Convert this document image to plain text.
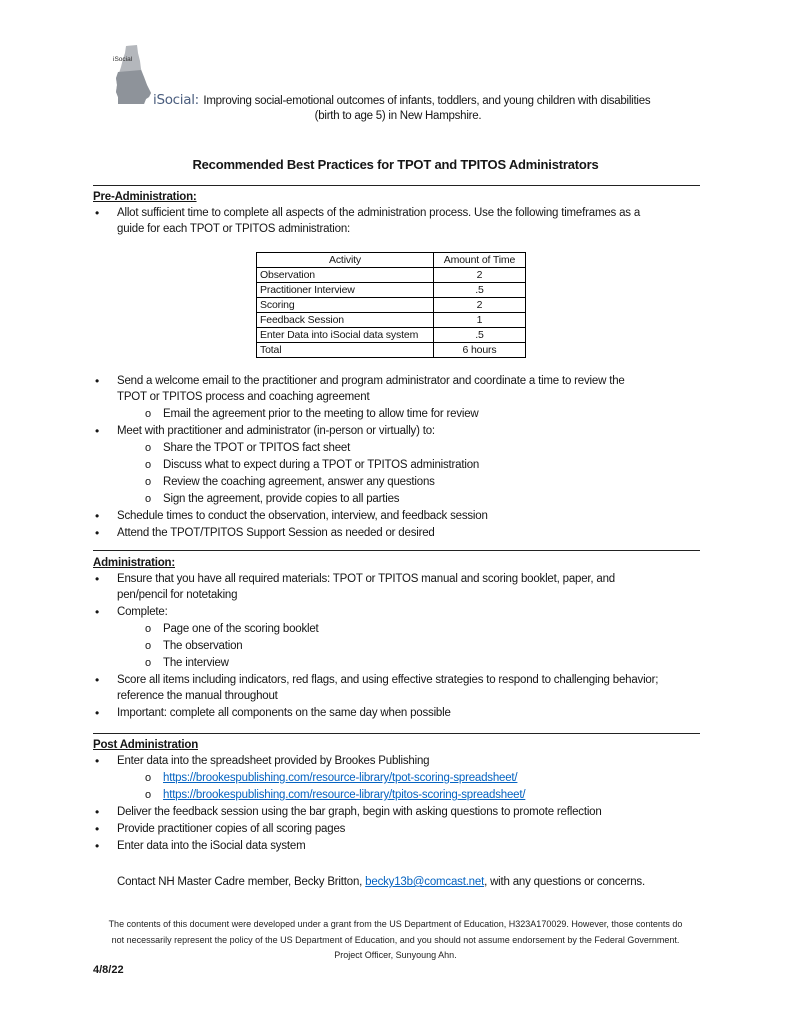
iSocial
iSocial: Improving social-emotional outcomes of infants, toddlers, and young children with disabilities
(birth to age 5) in New Hampshire.
Recommended Best Practices for TPOT and TPITOS Administrators
Pre-Administration:
• Allot sufficient time to complete all aspects of the administration process. Use the following timeframes as a
guide for each TPOT or TPITOS administration:
Activity	Amount of Time
Observation	2
Practitioner Interview	.5
Scoring	2
Feedback Session	1
Enter Data into iSocial data system	.5
Total	6 hours
• Send a welcome email to the practitioner and program administrator and coordinate a time to review the
TPOT or TPITOS process and coaching agreement
o Email the agreement prior to the meeting to allow time for review
• Meet with practitioner and administrator (in-person or virtually) to:
o Share the TPOT or TPITOS fact sheet
o Discuss what to expect during a TPOT or TPITOS administration
o Review the coaching agreement, answer any questions
o Sign the agreement, provide copies to all parties
• Schedule times to conduct the observation, interview, and feedback session
• Attend the TPOT/TPITOS Support Session as needed or desired
Administration:
• Ensure that you have all required materials: TPOT or TPITOS manual and scoring booklet, paper, and
pen/pencil for notetaking
• Complete:
o Page one of the scoring booklet
o The observation
o The interview
• Score all items including indicators, red flags, and using effective strategies to respond to challenging behavior;
reference the manual throughout
• Important: complete all components on the same day when possible
Post Administration
• Enter data into the spreadsheet provided by Brookes Publishing
o https://brookespublishing.com/resource-library/tpot-scoring-spreadsheet/
o https://brookespublishing.com/resource-library/tpitos-scoring-spreadsheet/
• Deliver the feedback session using the bar graph, begin with asking questions to promote reflection
• Provide practitioner copies of all scoring pages
• Enter data into the iSocial data system
Contact NH Master Cadre member, Becky Britton, becky13b@comcast.net, with any questions or concerns.
The contents of this document were developed under a grant from the US Department of Education, H323A170029. However, those contents do
not necessarily represent the policy of the US Department of Education, and you should not assume endorsement by the Federal Government.
Project Officer, Sunyoung Ahn.
4/8/22
